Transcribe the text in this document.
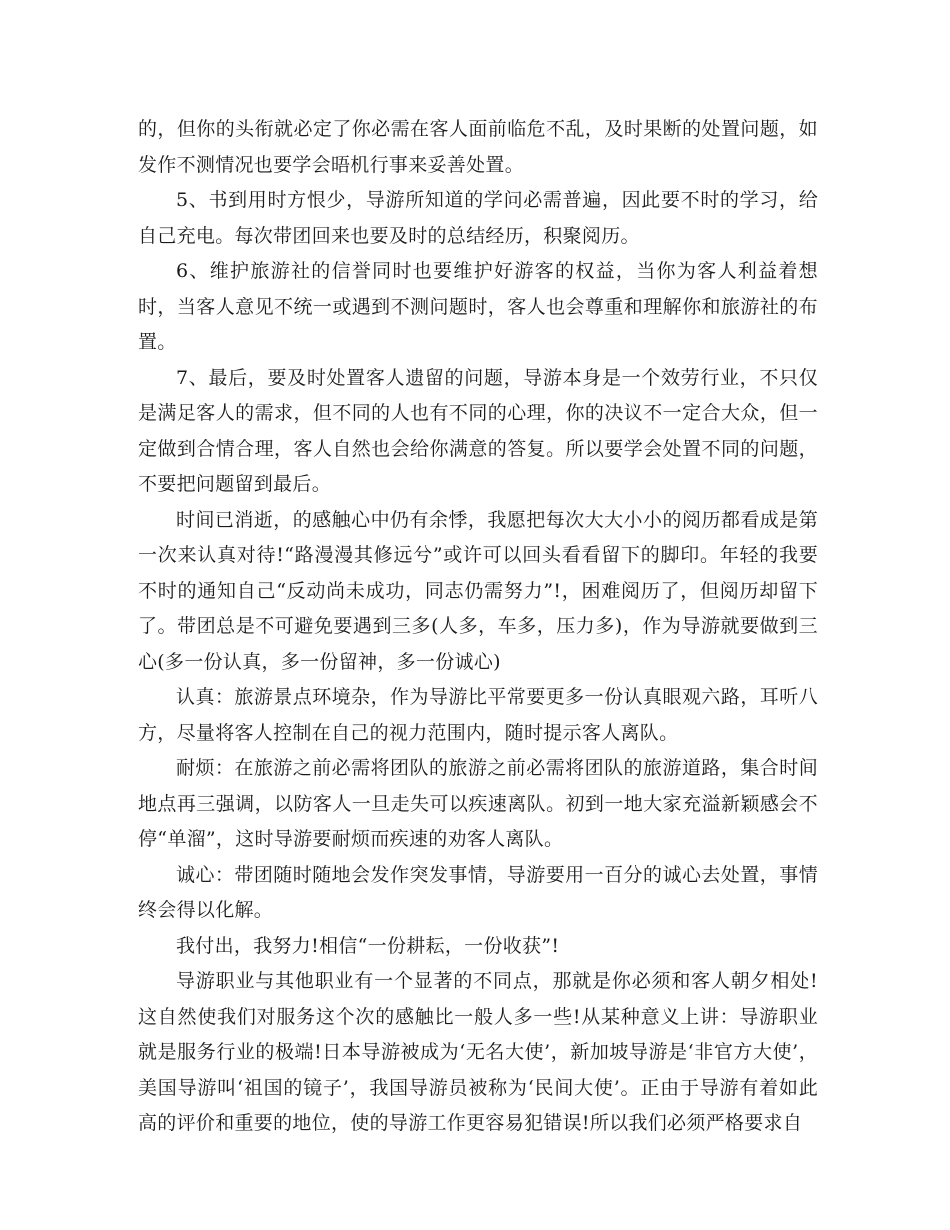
的，但你的头衔就必定了你必需在客人面前临危不乱，及时果断的处置问题，如发作不测情况也要学会晤机行事来妥善处置。

5、书到用时方恨少，导游所知道的学问必需普遍，因此要不时的学习，给自己充电。每次带团回来也要及时的总结经历，积聚阅历。

6、维护旅游社的信誉同时也要维护好游客的权益，当你为客人利益着想时，当客人意见不统一或遇到不测问题时，客人也会尊重和理解你和旅游社的布置。

7、最后，要及时处置客人遗留的问题，导游本身是一个效劳行业，不只仅是满足客人的需求，但不同的人也有不同的心理，你的决议不一定合大众，但一定做到合情合理，客人自然也会给你满意的答复。所以要学会处置不同的问题，不要把问题留到最后。

时间已消逝，的感触心中仍有余悸，我愿把每次大大小小的阅历都看成是第一次来认真对待!“路漫漫其修远兮”或许可以回头看看留下的脚印。年轻的我要不时的通知自己“反动尚未成功，同志仍需努力”!，困难阅历了，但阅历却留下了。带团总是不可避免要遇到三多(人多，车多，压力多)，作为导游就要做到三心(多一份认真，多一份留神，多一份诚心)

认真：旅游景点环境杂，作为导游比平常要更多一份认真眼观六路，耳听八方，尽量将客人控制在自己的视力范围内，随时提示客人离队。

耐烦：在旅游之前必需将团队的旅游之前必需将团队的旅游道路，集合时间地点再三强调，以防客人一旦走失可以疾速离队。初到一地大家充溢新颖感会不停“单溜”，这时导游要耐烦而疾速的劝客人离队。

诚心：带团随时随地会发作突发事情，导游要用一百分的诚心去处置，事情终会得以化解。

我付出，我努力!相信“一份耕耘，一份收获”!

导游职业与其他职业有一个显著的不同点，那就是你必须和客人朝夕相处!这自然使我们对服务这个次的感触比一般人多一些!从某种意义上讲：导游职业就是服务行业的极端!日本导游被成为‘无名大使’，新加坡导游是‘非官方大使’，美国导游叫‘祖国的镜子’，我国导游员被称为‘民间大使’。正由于导游有着如此高的评价和重要的地位，使的导游工作更容易犯错误!所以我们必须严格要求自
